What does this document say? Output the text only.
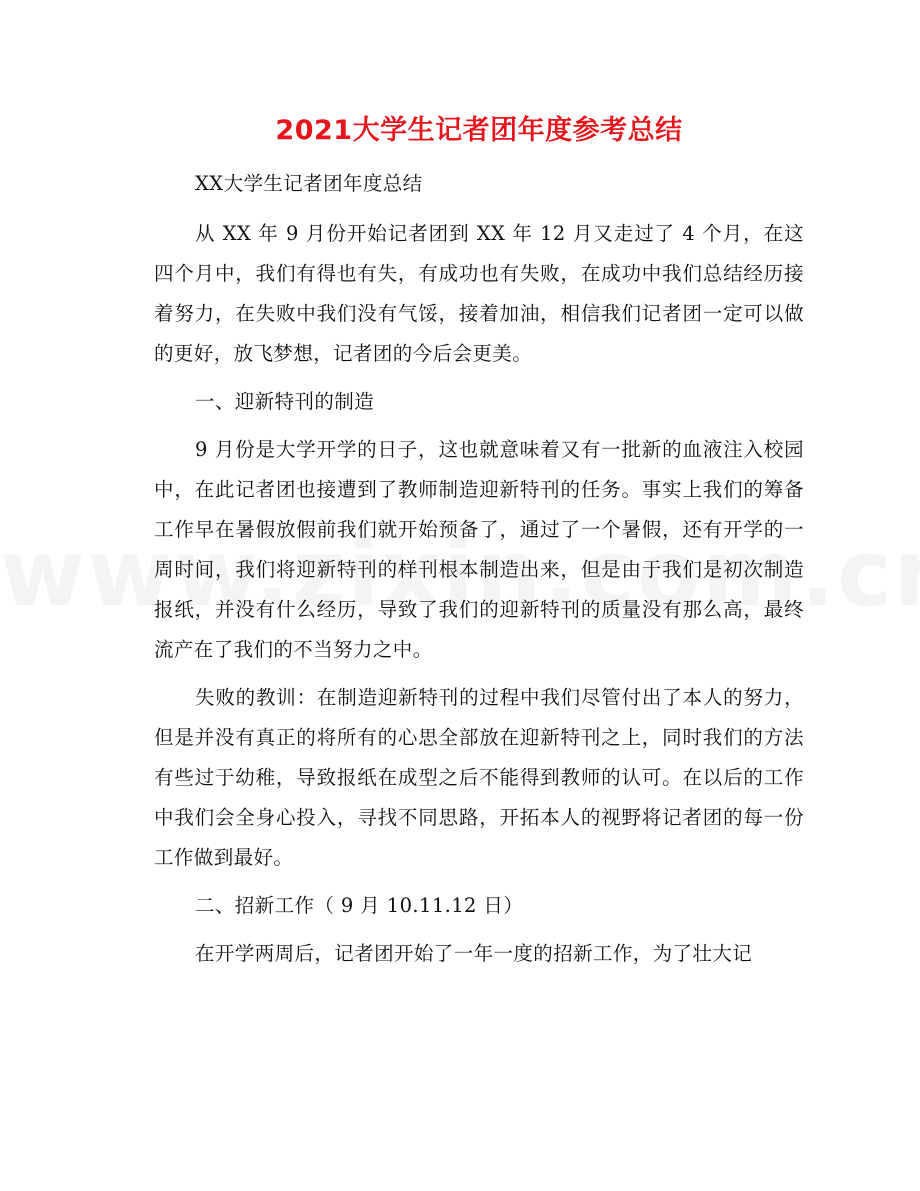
2021大学生记者团年度参考总结

XX大学生记者团年度总结

从 XX 年 9 月份开始记者团到 XX 年 12 月又走过了 4 个月，在这四个月中，我们有得也有失，有成功也有失败，在成功中我们总结经历接着努力，在失败中我们没有气馁，接着加油，相信我们记者团一定可以做的更好，放飞梦想，记者团的今后会更美。

一、迎新特刊的制造

9 月份是大学开学的日子，这也就意味着又有一批新的血液注入校园中，在此记者团也接遭到了教师制造迎新特刊的任务。事实上我们的筹备工作早在暑假放假前我们就开始预备了，通过了一个暑假，还有开学的一周时间，我们将迎新特刊的样刊根本制造出来，但是由于我们是初次制造报纸，并没有什么经历，导致了我们的迎新特刊的质量没有那么高，最终流产在了我们的不当努力之中。

失败的教训：在制造迎新特刊的过程中我们尽管付出了本人的努力，但是并没有真正的将所有的心思全部放在迎新特刊之上，同时我们的方法有些过于幼稚，导致报纸在成型之后不能得到教师的认可。在以后的工作中我们会全身心投入，寻找不同思路，开拓本人的视野将记者团的每一份工作做到最好。

二、招新工作（ 9 月 10.11.12 日）

在开学两周后，记者团开始了一年一度的招新工作，为了壮大记
